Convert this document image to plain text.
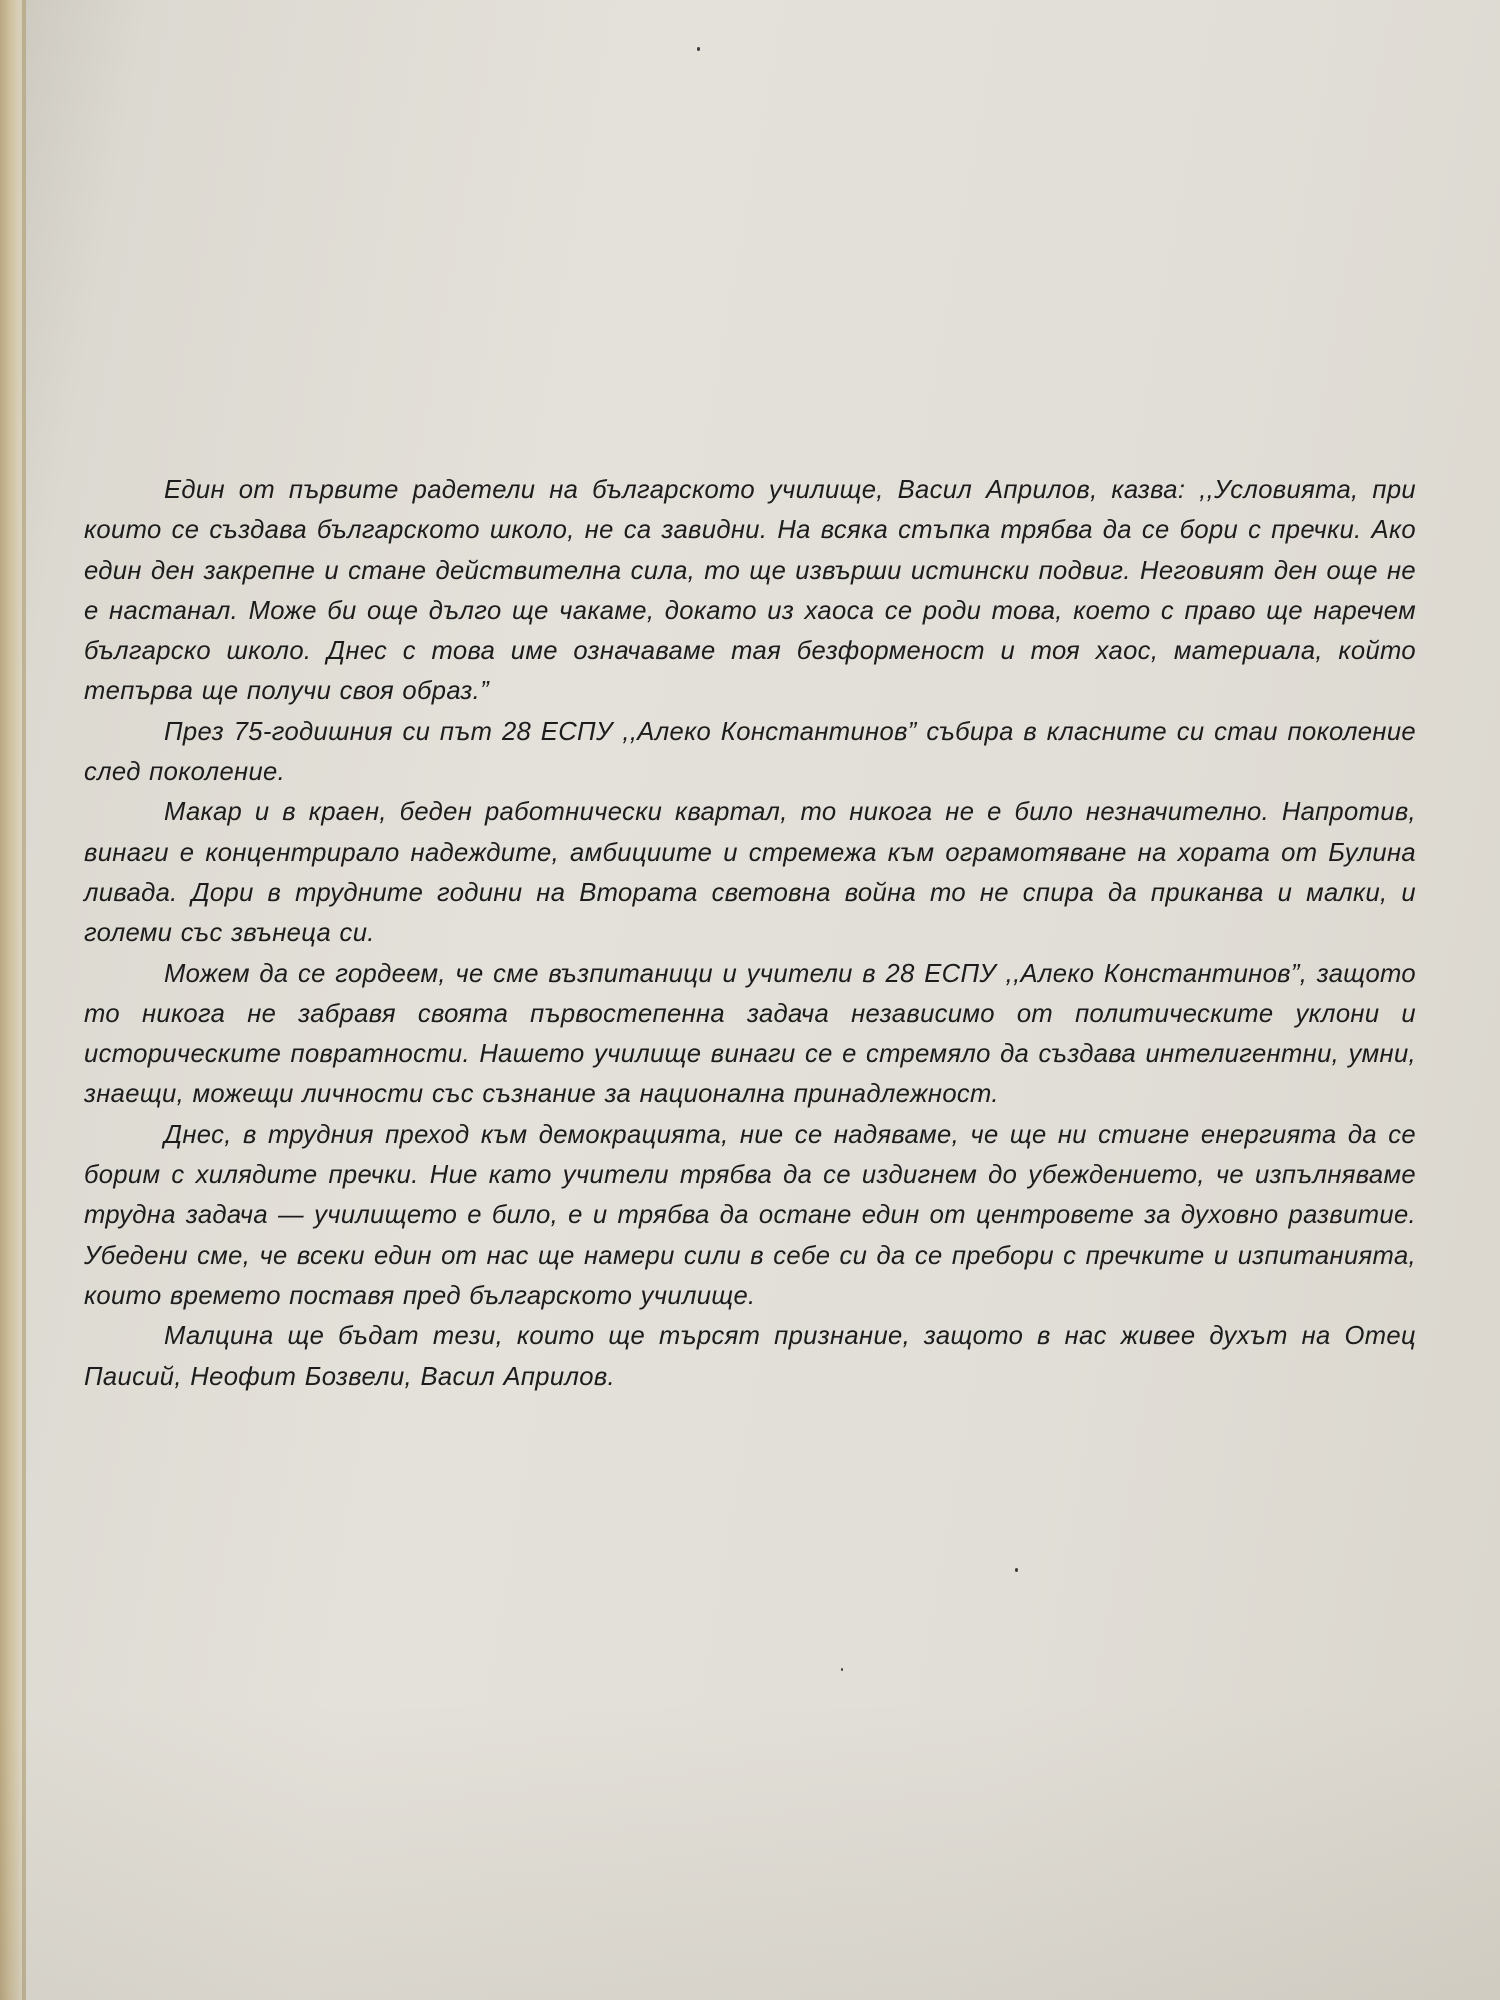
Един от първите радетели на българското училище, Васил Априлов, казва: ,,Условията, при които се създава българското школо, не са завидни. На всяка стъпка трябва да се бори с пречки. Ако един ден закрепне и стане действителна сила, то ще извърши истински подвиг. Неговият ден още не е настанал. Може би още дълго ще чакаме, докато из хаоса се роди това, което с право ще наречем българско школо. Днес с това име означаваме тая безформеност и тоя хаос, материала, който тепърва ще получи своя образ.”

През 75-годишния си път 28 ЕСПУ ,,Алеко Константинов” събира в класните си стаи поколение след поколение.

Макар и в краен, беден работнически квартал, то никога не е било незначително. Напротив, винаги е концентрирало надеждите, амбициите и стремежа към ограмотяване на хората от Булина ливада. Дори в трудните години на Втората световна война то не спира да приканва и малки, и големи със звънеца си.

Можем да се гордеем, че сме възпитаници и учители в 28 ЕСПУ ,,Алеко Константинов”, защото то никога не забравя своята първостепенна задача независимо от политическите уклони и историческите повратности. Нашето училище винаги се е стремяло да създава интелигентни, умни, знаещи, можещи личности със съзнание за национална принадлежност.

Днес, в трудния преход към демокрацията, ние се надяваме, че ще ни стигне енергията да се борим с хилядите пречки. Ние като учители трябва да се издигнем до убеждението, че изпълняваме трудна задача — училището е било, е и трябва да остане един от центровете за духовно развитие. Убедени сме, че всеки един от нас ще намери сили в себе си да се пребори с пречките и изпитанията, които времето поставя пред българското училище.

Малцина ще бъдат тези, които ще търсят признание, защото в нас живее духът на Отец Паисий, Неофит Бозвели, Васил Априлов.
